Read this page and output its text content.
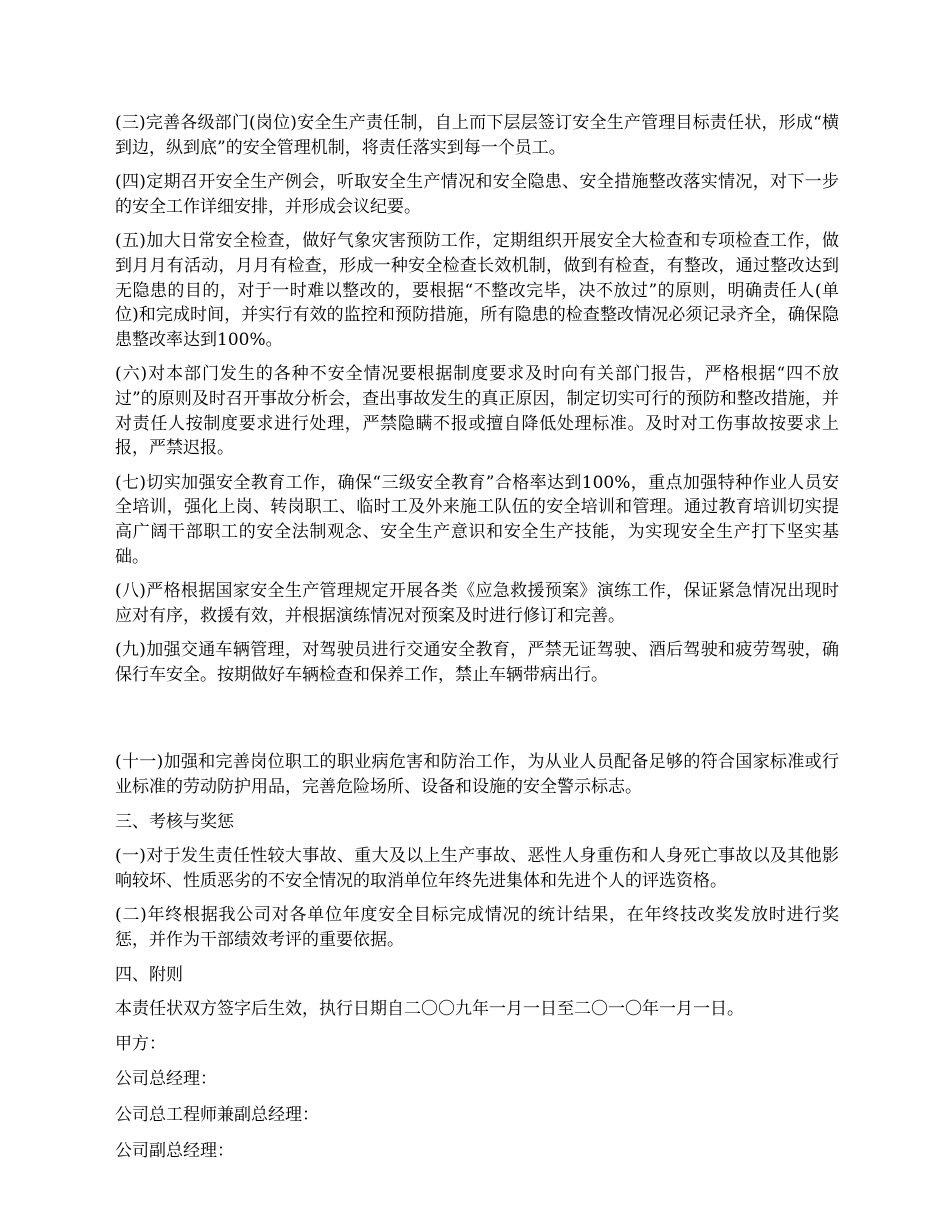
(三)完善各级部门(岗位)安全生产责任制，自上而下层层签订安全生产管理目标责任状，形成“横到边，纵到底”的安全管理机制，将责任落实到每一个员工。

(四)定期召开安全生产例会，听取安全生产情况和安全隐患、安全措施整改落实情况，对下一步的安全工作详细安排，并形成会议纪要。

(五)加大日常安全检查，做好气象灾害预防工作，定期组织开展安全大检查和专项检查工作，做到月月有活动，月月有检查，形成一种安全检查长效机制，做到有检查，有整改，通过整改达到无隐患的目的，对于一时难以整改的，要根据“不整改完毕，决不放过”的原则，明确责任人(单位)和完成时间，并实行有效的监控和预防措施，所有隐患的检查整改情况必须记录齐全，确保隐患整改率达到100%。

(六)对本部门发生的各种不安全情况要根据制度要求及时向有关部门报告，严格根据“四不放过”的原则及时召开事故分析会，查出事故发生的真正原因，制定切实可行的预防和整改措施，并对责任人按制度要求进行处理，严禁隐瞒不报或擅自降低处理标准。及时对工伤事故按要求上报，严禁迟报。

(七)切实加强安全教育工作，确保“三级安全教育”合格率达到100%，重点加强特种作业人员安全培训，强化上岗、转岗职工、临时工及外来施工队伍的安全培训和管理。通过教育培训切实提高广阔干部职工的安全法制观念、安全生产意识和安全生产技能，为实现安全生产打下坚实基础。

(八)严格根据国家安全生产管理规定开展各类《应急救援预案》演练工作，保证紧急情况出现时应对有序，救援有效，并根据演练情况对预案及时进行修订和完善。

(九)加强交通车辆管理，对驾驶员进行交通安全教育，严禁无证驾驶、酒后驾驶和疲劳驾驶，确保行车安全。按期做好车辆检查和保养工作，禁止车辆带病出行。

(十一)加强和完善岗位职工的职业病危害和防治工作，为从业人员配备足够的符合国家标准或行业标准的劳动防护用品，完善危险场所、设备和设施的安全警示标志。

三、考核与奖惩

(一)对于发生责任性较大事故、重大及以上生产事故、恶性人身重伤和人身死亡事故以及其他影响较坏、性质恶劣的不安全情况的取消单位年终先进集体和先进个人的评选资格。

(二)年终根据我公司对各单位年度安全目标完成情况的统计结果，在年终技改奖发放时进行奖惩，并作为干部绩效考评的重要依据。

四、附则

本责任状双方签字后生效，执行日期自二〇〇九年一月一日至二〇一〇年一月一日。

甲方：

公司总经理：

公司总工程师兼副总经理：

公司副总经理：
